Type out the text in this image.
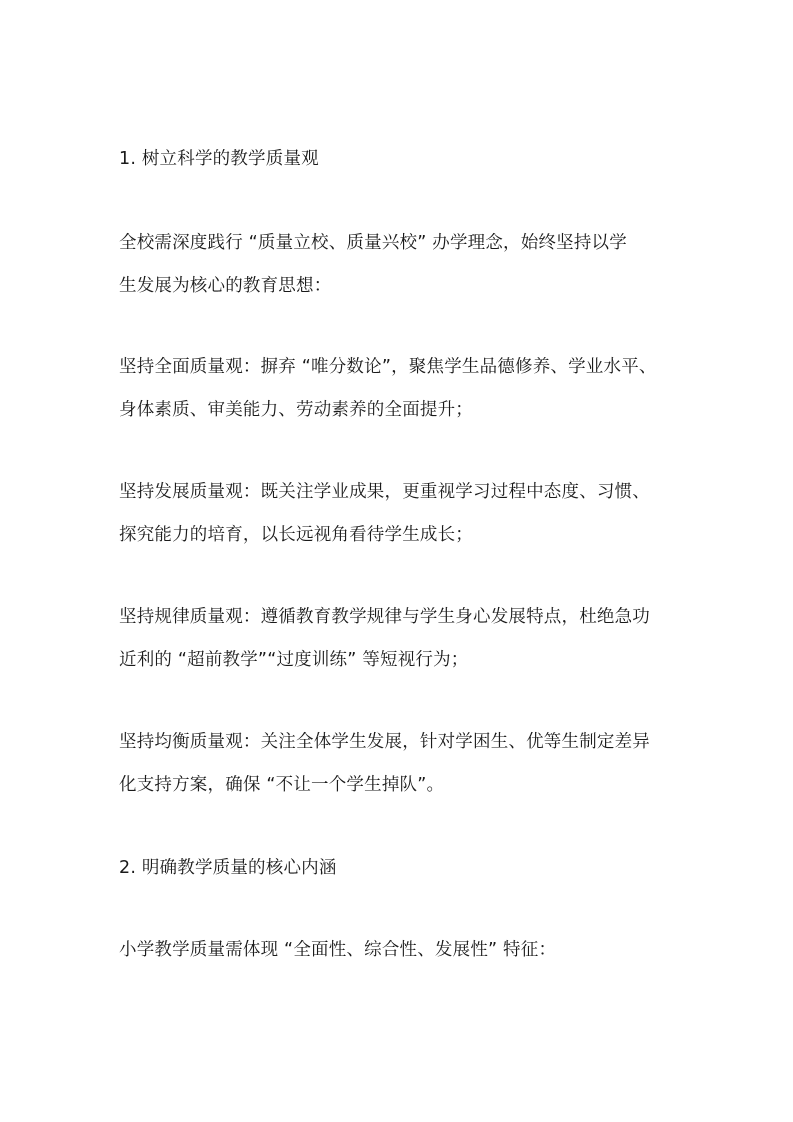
1. 树立科学的教学质量观
全校需深度践行 “质量立校、质量兴校” 办学理念，始终坚持以学
生发展为核心的教育思想：
坚持全面质量观：摒弃 “唯分数论”，聚焦学生品德修养、学业水平、
身体素质、审美能力、劳动素养的全面提升；
坚持发展质量观：既关注学业成果，更重视学习过程中态度、习惯、
探究能力的培育，以长远视角看待学生成长；
坚持规律质量观：遵循教育教学规律与学生身心发展特点，杜绝急功
近利的 “超前教学”“过度训练” 等短视行为；
坚持均衡质量观：关注全体学生发展，针对学困生、优等生制定差异
化支持方案，确保 “不让一个学生掉队”。
2. 明确教学质量的核心内涵
小学教学质量需体现 “全面性、综合性、发展性” 特征：
